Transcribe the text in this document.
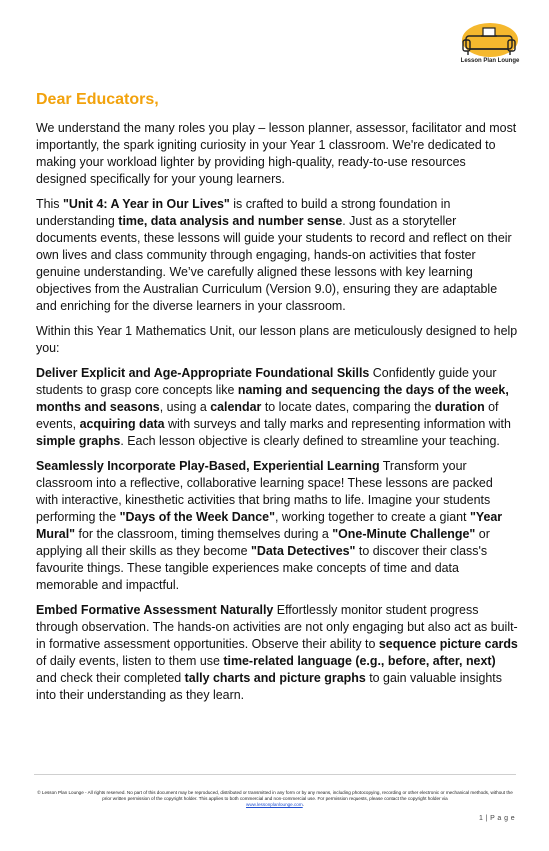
Lesson Plan Lounge
Dear Educators,

We understand the many roles you play – lesson planner, assessor, facilitator and most importantly, the spark igniting curiosity in your Year 1 classroom. We're dedicated to making your workload lighter by providing high-quality, ready-to-use resources designed specifically for your young learners.

This "Unit 4: A Year in Our Lives" is crafted to build a strong foundation in understanding time, data analysis and number sense. Just as a storyteller documents events, these lessons will guide your students to record and reflect on their own lives and class community through engaging, hands-on activities that foster genuine understanding. We’ve carefully aligned these lessons with key learning objectives from the Australian Curriculum (Version 9.0), ensuring they are adaptable and enriching for the diverse learners in your classroom.

Within this Year 1 Mathematics Unit, our lesson plans are meticulously designed to help you:

Deliver Explicit and Age-Appropriate Foundational Skills Confidently guide your students to grasp core concepts like naming and sequencing the days of the week, months and seasons, using a calendar to locate dates, comparing the duration of events, acquiring data with surveys and tally marks and representing information with simple graphs. Each lesson objective is clearly defined to streamline your teaching.

Seamlessly Incorporate Play-Based, Experiential Learning Transform your classroom into a reflective, collaborative learning space! These lessons are packed with interactive, kinesthetic activities that bring maths to life. Imagine your students performing the "Days of the Week Dance", working together to create a giant "Year Mural" for the classroom, timing themselves during a "One-Minute Challenge" or applying all their skills as they become "Data Detectives" to discover their class's favourite things. These tangible experiences make concepts of time and data memorable and impactful.

Embed Formative Assessment Naturally Effortlessly monitor student progress through observation. The hands-on activities are not only engaging but also act as built-in formative assessment opportunities. Observe their ability to sequence picture cards of daily events, listen to them use time-related language (e.g., before, after, next) and check their completed tally charts and picture graphs to gain valuable insights into their understanding as they learn.

© Lesson Plan Lounge - All rights reserved. No part of this document may be reproduced, distributed or transmitted in any form or by any means, including photocopying, recording or other electronic or mechanical methods, without the prior written permission of the copyright holder. This applies to both commercial and non-commercial use. For permission requests, please contact the copyright holder via
www.lessonplanlounge.com.
1 | P a g e
